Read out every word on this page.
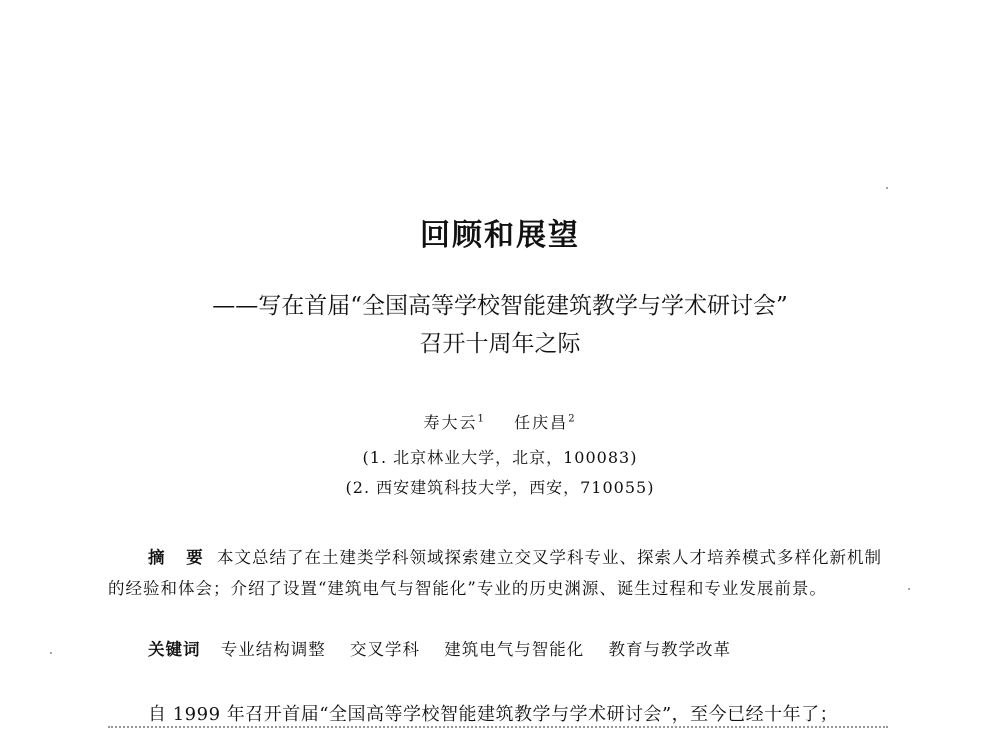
回顾和展望
——写在首届“全国高等学校智能建筑教学与学术研讨会”
召开十周年之际
寿大云$^1$ 任庆昌$^2$
(1. 北京林业大学，北京，100083)
(2. 西安建筑科技大学，西安，710055)
摘 要 本文总结了在土建类学科领域探索建立交叉学科专业、探索人才培养模式多样化新机制的经验和体会；介绍了设置“建筑电气与智能化”专业的历史渊源、诞生过程和专业发展前景。
关键词 专业结构调整 交叉学科 建筑电气与智能化 教育与教学改革
自 1999 年召开首届“全国高等学校智能建筑教学与学术研讨会”，至今已经十年了；
